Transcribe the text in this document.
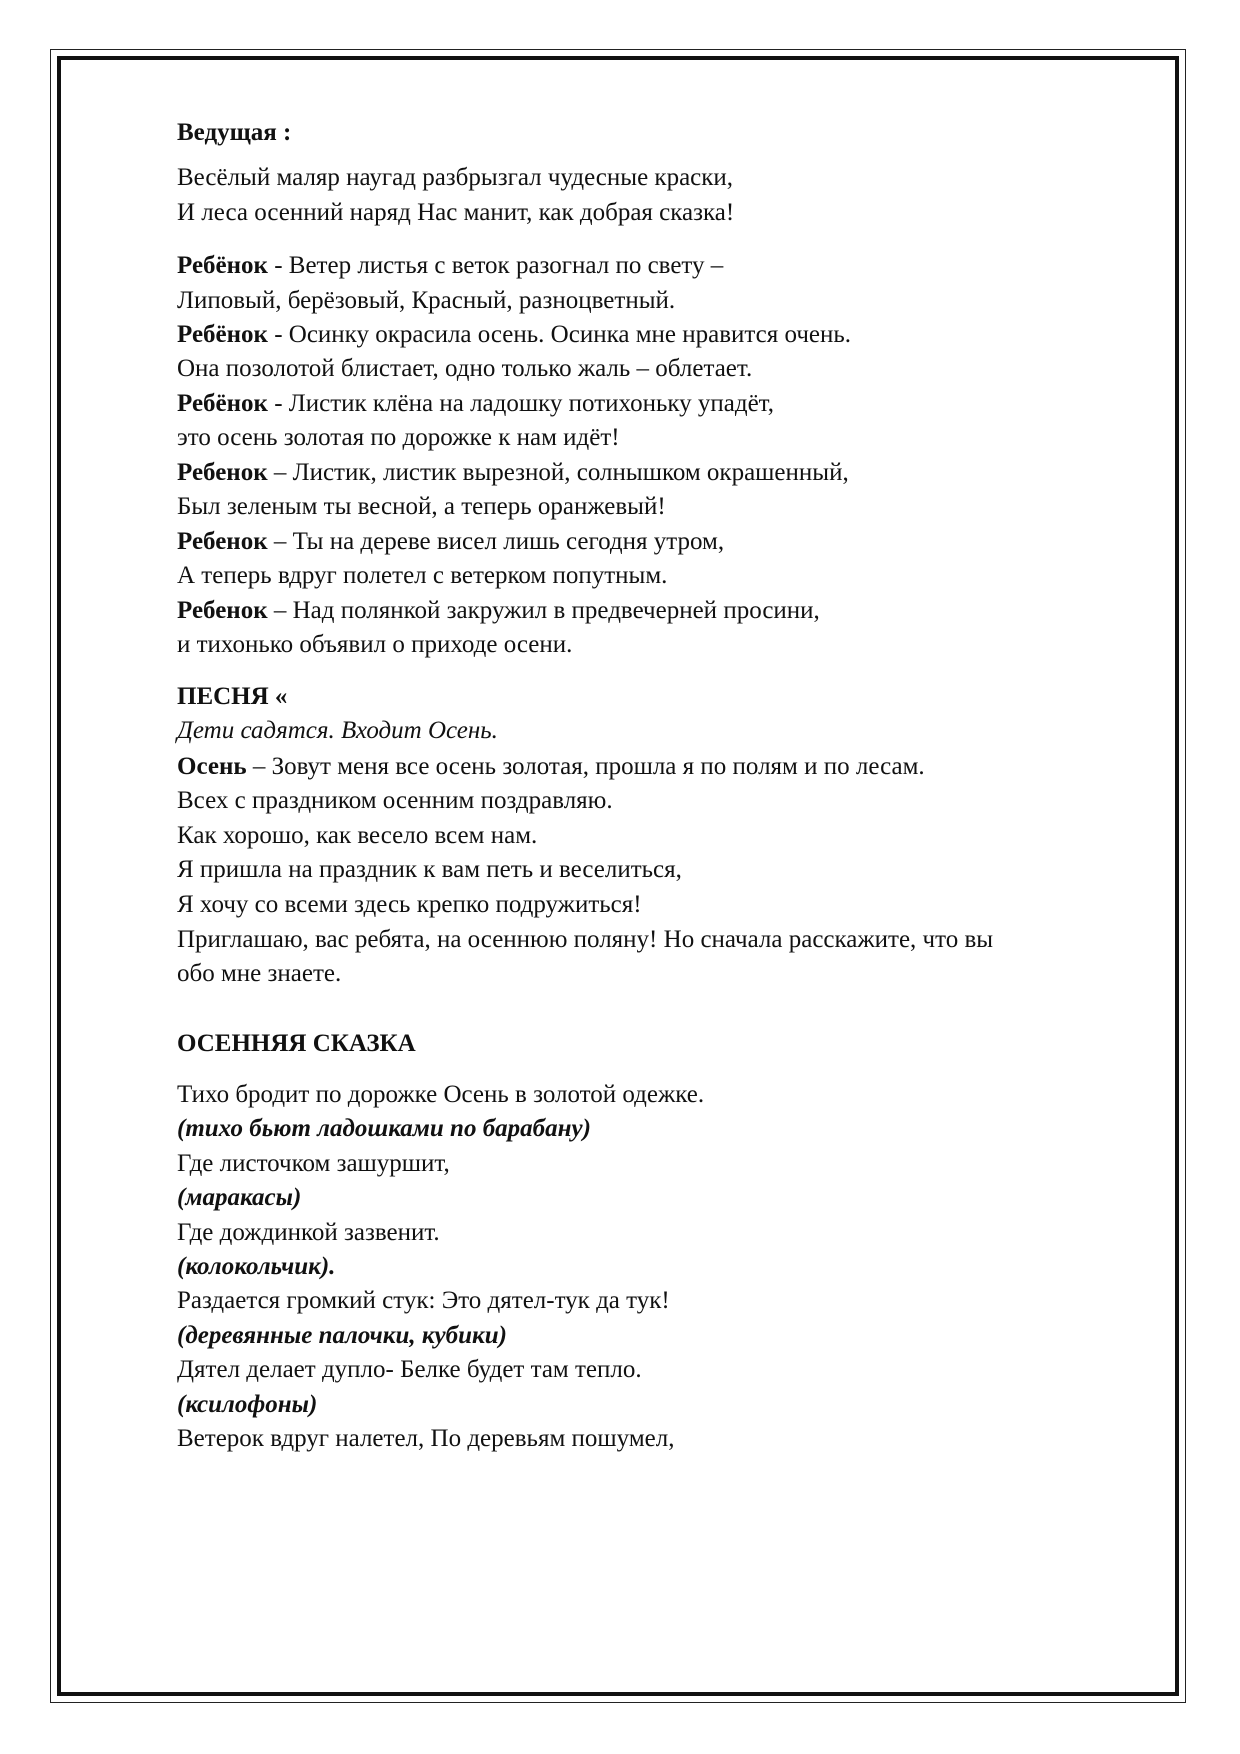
Ведущая :
Весёлый маляр наугад разбрызгал чудесные краски,
И леса осенний наряд Нас манит, как добрая сказка!
Ребёнок - Ветер листья с веток разогнал по свету –
Липовый, берёзовый, Красный, разноцветный.
Ребёнок - Осинку окрасила осень. Осинка мне нравится очень.
Она позолотой блистает, одно только жаль – облетает.
Ребёнок - Листик клёна на ладошку потихоньку упадёт,
это осень золотая по дорожке к нам идёт!
Ребенок – Листик, листик вырезной, солнышком окрашенный,
Был зеленым ты весной, а теперь оранжевый!
Ребенок – Ты на дереве висел лишь сегодня утром,
А теперь вдруг полетел с ветерком попутным.
Ребенок – Над полянкой закружил в предвечерней просини,
и тихонько объявил о приходе осени.
ПЕСНЯ «
Дети садятся. Входит Осень.
Осень – Зовут меня все осень золотая, прошла я по полям и по лесам.
Всех с праздником осенним поздравляю.
Как хорошо, как весело всем нам.
Я пришла на праздник к вам петь и веселиться,
Я хочу со всеми здесь крепко подружиться!
Приглашаю, вас ребята, на осеннюю поляну! Но сначала расскажите, что вы
обо мне знаете.
ОСЕННЯЯ СКАЗКА
Тихо бродит по дорожке Осень в золотой одежке.
(тихо бьют ладошками по барабану)
Где листочком зашуршит,
(маракасы)
Где дождинкой зазвенит.
(колокольчик).
Раздается громкий стук: Это дятел-тук да тук!
(деревянные палочки, кубики)
Дятел делает дупло- Белке будет там тепло.
(ксилофоны)
Ветерок вдруг налетел, По деревьям пошумел,
